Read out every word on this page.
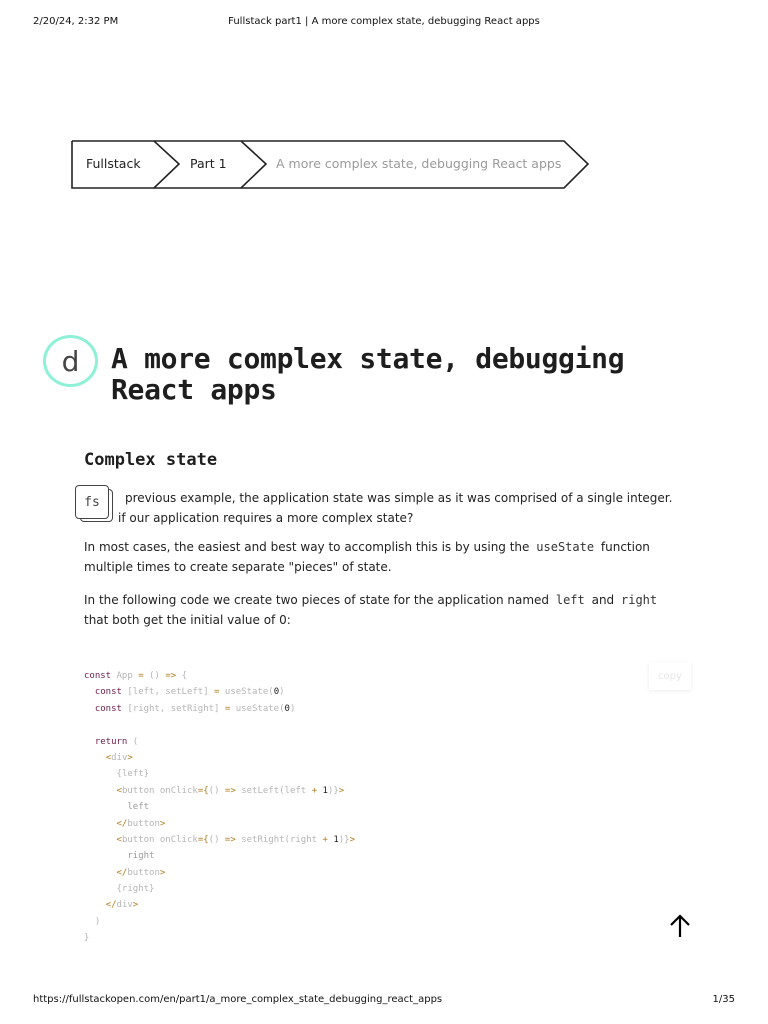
2/20/24, 2:32 PM	Fullstack part1 | A more complex state, debugging React apps
Fullstack	Part 1	A more complex state, debugging React apps
d A more complex state, debugging React apps
Complex state
fs	previous example, the application state was simple as it was comprised of a single integer.
if our application requires a more complex state?

In most cases, the easiest and best way to accomplish this is by using the useState function multiple times to create separate "pieces" of state.

In the following code we create two pieces of state for the application named left and right that both get the initial value of 0:

copy
const App = () => {
const [left, setLeft] = useState(0)
const [right, setRight] = useState(0)

return (
<div>
{left}
<button onClick={() => setLeft(left + 1)}>
left
</button>
<button onClick={() => setRight(right + 1)}>
right
</button>
{right}
</div>
)
}
https://fullstackopen.com/en/part1/a_more_complex_state_debugging_react_apps	1/35
